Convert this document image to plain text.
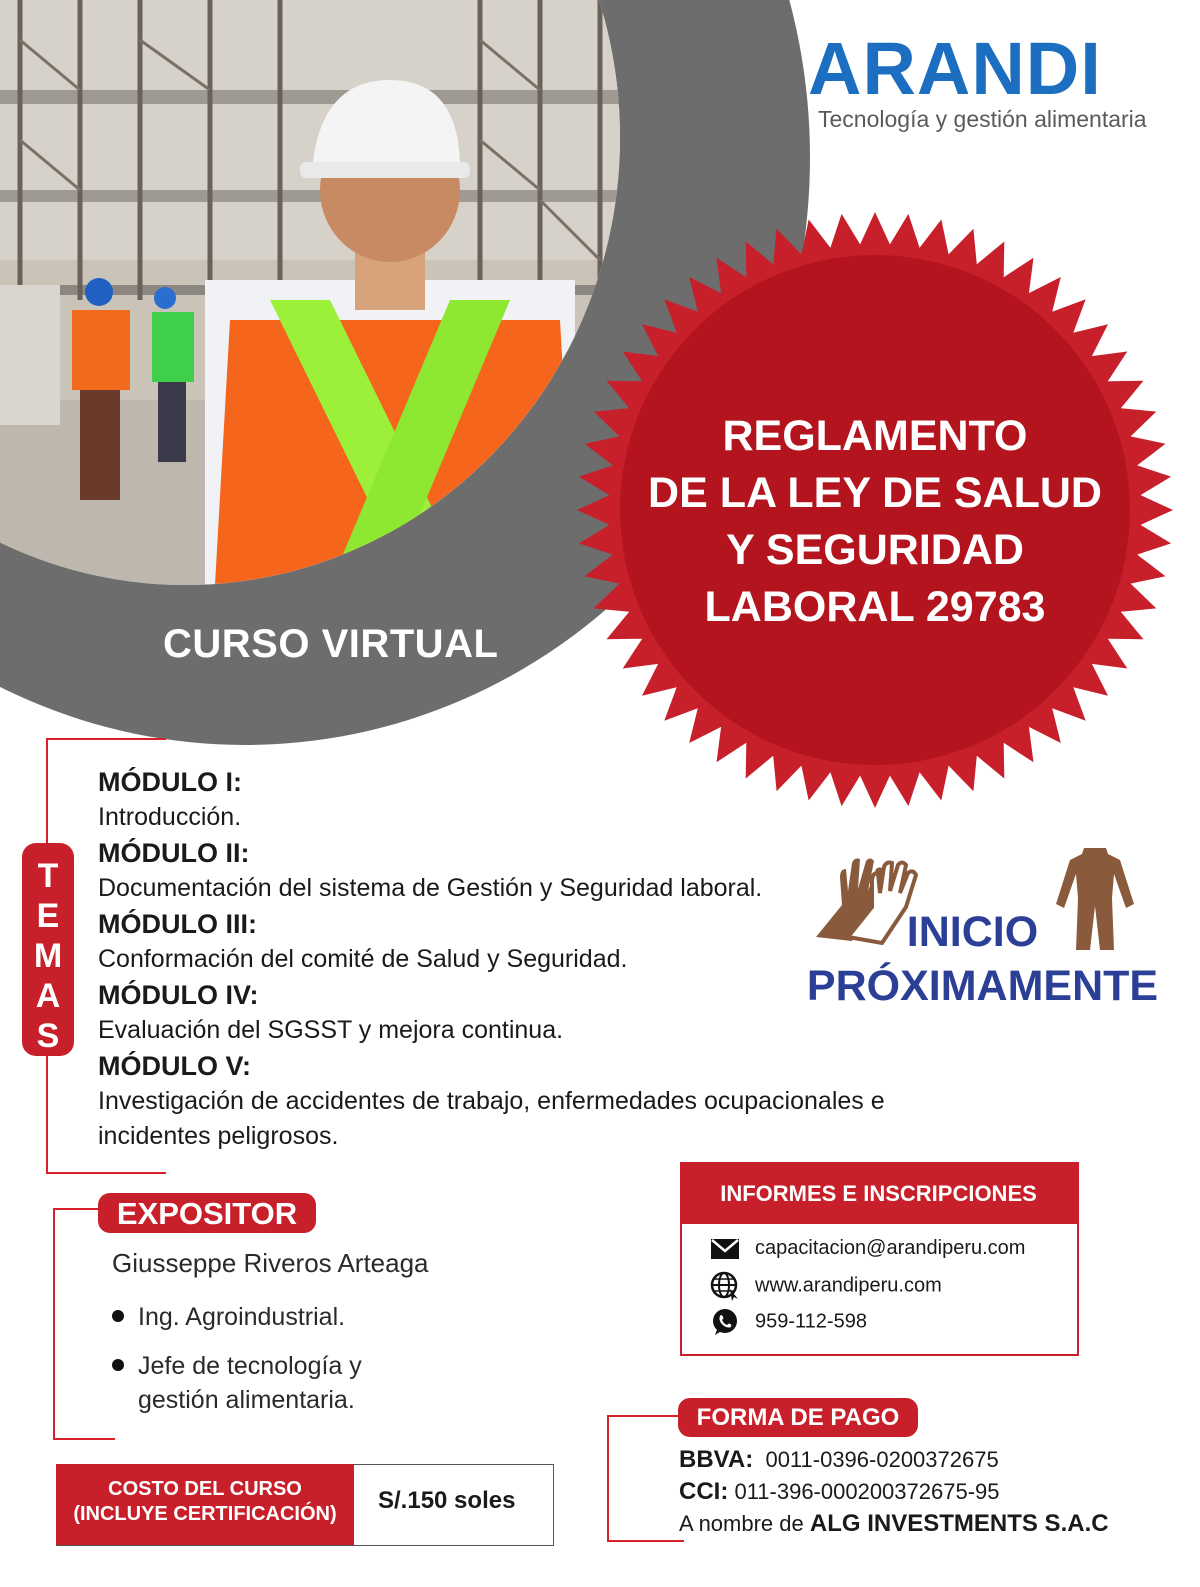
CURSO VIRTUAL
ARANDI
Tecnología y gestión alimentaria
REGLAMENTO
DE LA LEY DE SALUD
Y SEGURIDAD
LABORAL 29783
T
E
M
A
S
MÓDULO I:
Introducción.
MÓDULO II:
Documentación del sistema de Gestión y Seguridad laboral.
MÓDULO III:
Conformación del comité de Salud y Seguridad.
MÓDULO IV:
Evaluación del SGSST y mejora continua.
MÓDULO V:
Investigación de accidentes de trabajo, enfermedades ocupacionales e
incidentes peligrosos.
INICIO
PRÓXIMAMENTE
EXPOSITOR
Giusseppe Riveros Arteaga
Ing. Agroindustrial.
Jefe de tecnología y
gestión alimentaria.
COSTO DEL CURSO
(INCLUYE CERTIFICACIÓN)	S/.150 soles
INFORMES E INSCRIPCIONES
capacitacion@arandiperu.com
www.arandiperu.com
959-112-598
FORMA DE PAGO
BBVA: 0011-0396-0200372675
CCI: 011-396-000200372675-95
A nombre de ALG INVESTMENTS S.A.C
